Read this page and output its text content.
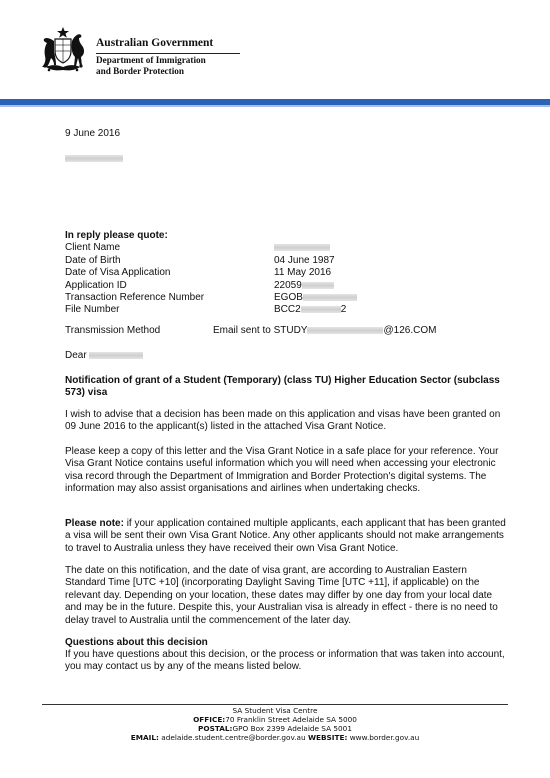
Australian Government
Department of Immigration
and Border Protection
9 June 2016
In reply please quote:
Client Name
Date of Birth	04 June 1987
Date of Visa Application	11 May 2016
Application ID	22059
Transaction Reference Number	EGOB
File Number	BCC2	2
Transmission Method	Email sent to STUDY	@126.COM
Dear

Notification of grant of a Student (Temporary) (class TU) Higher Education Sector (subclass 573) visa

I wish to advise that a decision has been made on this application and visas have been granted on 09 June 2016 to the applicant(s) listed in the attached Visa Grant Notice.

Please keep a copy of this letter and the Visa Grant Notice in a safe place for your reference. Your Visa Grant Notice contains useful information which you will need when accessing your electronic visa record through the Department of Immigration and Border Protection's digital systems. The information may also assist organisations and airlines when undertaking checks.

Please note: if your application contained multiple applicants, each applicant that has been granted a visa will be sent their own Visa Grant Notice. Any other applicants should not make arrangements to travel to Australia unless they have received their own Visa Grant Notice.

The date on this notification, and the date of visa grant, are according to Australian Eastern Standard Time [UTC +10] (incorporating Daylight Saving Time [UTC +11], if applicable) on the relevant day. Depending on your location, these dates may differ by one day from your local date and may be in the future. Despite this, your Australian visa is already in effect - there is no need to delay travel to Australia until the commencement of the later day.

Questions about this decision

If you have questions about this decision, or the process or information that was taken into account, you may contact us by any of the means listed below.

SA Student Visa Centre
OFFICE:70 Franklin Street Adelaide SA 5000
POSTAL:GPO Box 2399 Adelaide SA 5001
EMAIL: adelaide.student.centre@border.gov.au WEBSITE: www.border.gov.au
